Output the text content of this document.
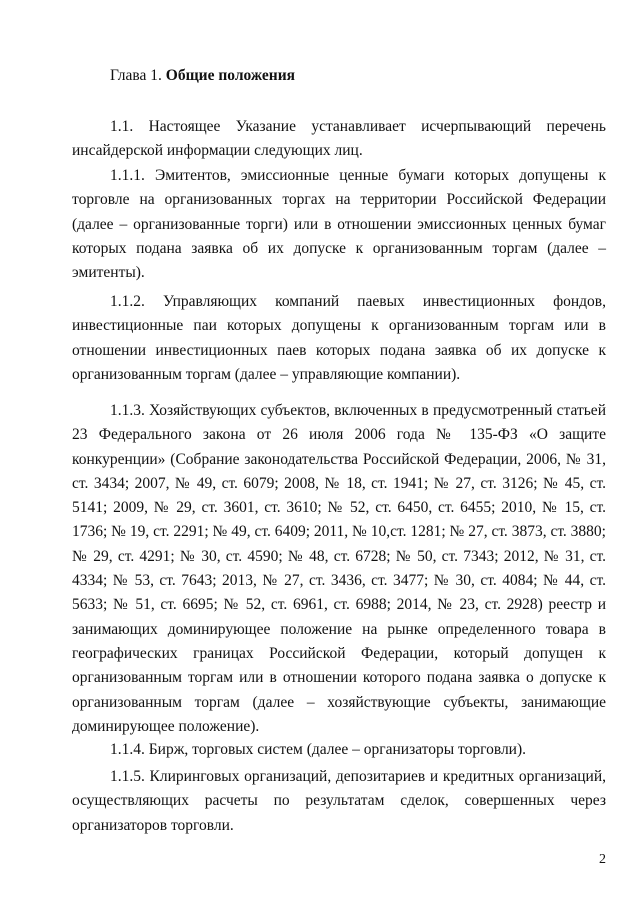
Глава 1. Общие положения

1.1. Настоящее Указание устанавливает исчерпывающий перечень инсайдерской информации следующих лиц.

1.1.1. Эмитентов, эмиссионные ценные бумаги которых допущены к торговле на организованных торгах на территории Российской Федерации (далее – организованные торги) или в отношении эмиссионных ценных бумаг которых подана заявка об их допуске к организованным торгам (далее – эмитенты).

1.1.2. Управляющих компаний паевых инвестиционных фондов, инвестиционные паи которых допущены к организованным торгам или в отношении инвестиционных паев которых подана заявка об их допуске к организованным торгам (далее – управляющие компании).

1.1.3. Хозяйствующих субъектов, включенных в предусмотренный статьей 23 Федерального закона от 26 июля 2006 года № 135-ФЗ «О защите конкуренции» (Собрание законодательства Российской Федерации, 2006, № 31, ст. 3434; 2007, № 49, ст. 6079; 2008, № 18, ст. 1941; № 27, ст. 3126; № 45, ст. 5141; 2009, № 29, ст. 3601, ст. 3610; № 52, ст. 6450, ст. 6455; 2010, № 15, ст. 1736; № 19, ст. 2291; № 49, ст. 6409; 2011, № 10,ст. 1281; № 27, ст. 3873, ст. 3880; № 29, ст. 4291; № 30, ст. 4590; № 48, ст. 6728; № 50, ст. 7343; 2012, № 31, ст. 4334; № 53, ст. 7643; 2013, № 27, ст. 3436, ст. 3477; № 30, ст. 4084; № 44, ст. 5633; № 51, ст. 6695; № 52, ст. 6961, ст. 6988; 2014, № 23, ст. 2928) реестр и занимающих доминирующее положение на рынке определенного товара в географических границах Российской Федерации, который допущен к организованным торгам или в отношении которого подана заявка о допуске к организованным торгам (далее – хозяйствующие субъекты, занимающие доминирующее положение).

1.1.4. Бирж, торговых систем (далее – организаторы торговли).

1.1.5. Клиринговых организаций, депозитариев и кредитных организаций, осуществляющих расчеты по результатам сделок, совершенных через организаторов торговли.

2
